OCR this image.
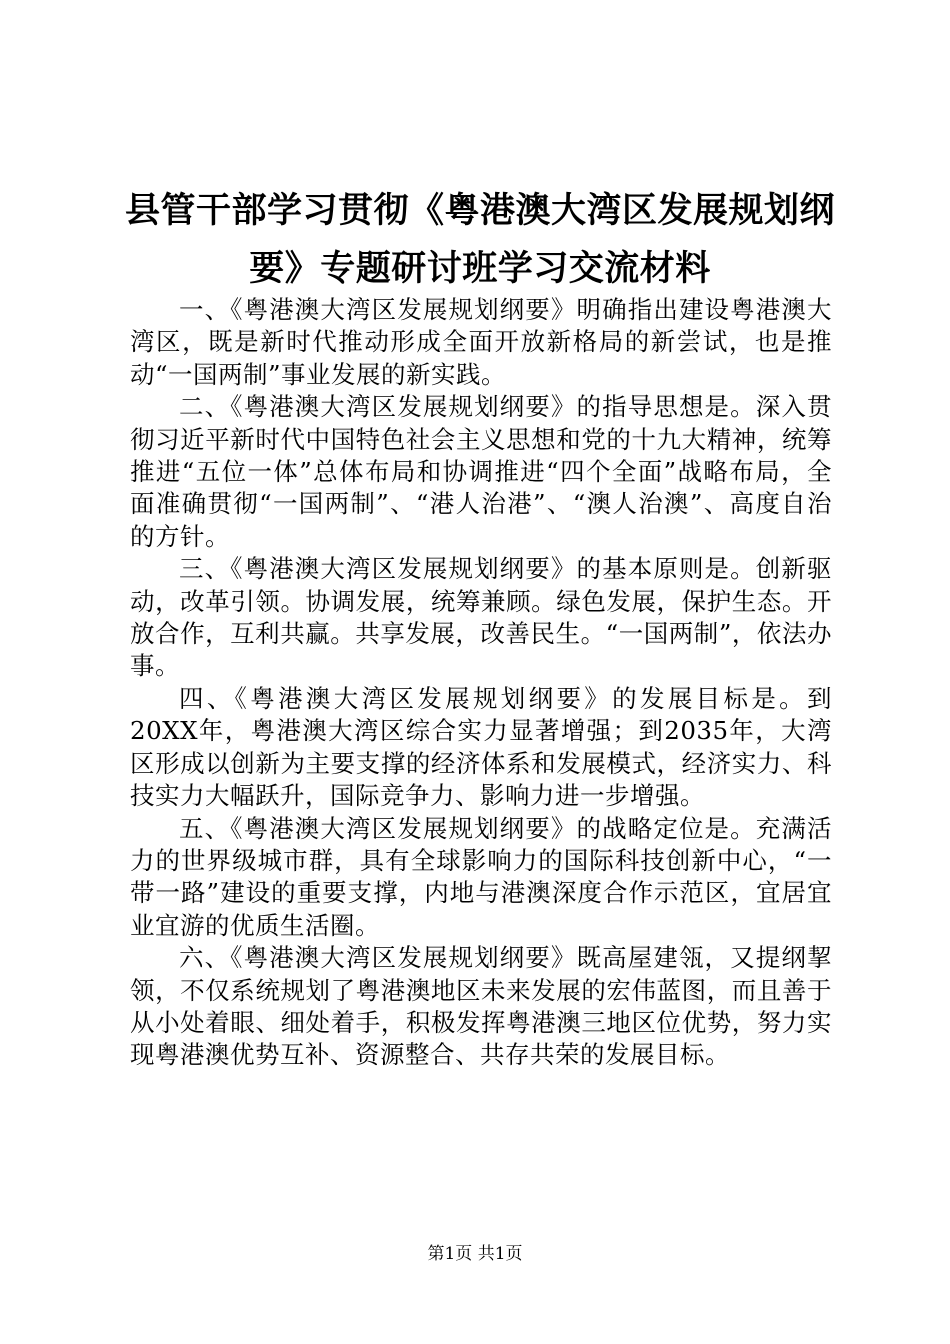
县管干部学习贯彻《粤港澳大湾区发展规划纲要》专题研讨班学习交流材料

一、《粤港澳大湾区发展规划纲要》明确指出建设粤港澳大湾区，既是新时代推动形成全面开放新格局的新尝试，也是推动“一国两制”事业发展的新实践。

二、《粤港澳大湾区发展规划纲要》的指导思想是。深入贯彻习近平新时代中国特色社会主义思想和党的十九大精神，统筹推进“五位一体”总体布局和协调推进“四个全面”战略布局，全面准确贯彻“一国两制”、“港人治港”、“澳人治澳”、高度自治的方针。

三、《粤港澳大湾区发展规划纲要》的基本原则是。创新驱动，改革引领。协调发展，统筹兼顾。绿色发展，保护生态。开放合作，互利共赢。共享发展，改善民生。“一国两制”，依法办事。

四、《粤港澳大湾区发展规划纲要》的发展目标是。到20XX年，粤港澳大湾区综合实力显著增强；到2035年，大湾区形成以创新为主要支撑的经济体系和发展模式，经济实力、科技实力大幅跃升，国际竞争力、影响力进一步增强。

五、《粤港澳大湾区发展规划纲要》的战略定位是。充满活力的世界级城市群，具有全球影响力的国际科技创新中心，“一带一路”建设的重要支撑，内地与港澳深度合作示范区，宜居宜业宜游的优质生活圈。

六、《粤港澳大湾区发展规划纲要》既高屋建瓴，又提纲挈领，不仅系统规划了粤港澳地区未来发展的宏伟蓝图，而且善于从小处着眼、细处着手，积极发挥粤港澳三地区位优势，努力实现粤港澳优势互补、资源整合、共存共荣的发展目标。

第1页 共1页
